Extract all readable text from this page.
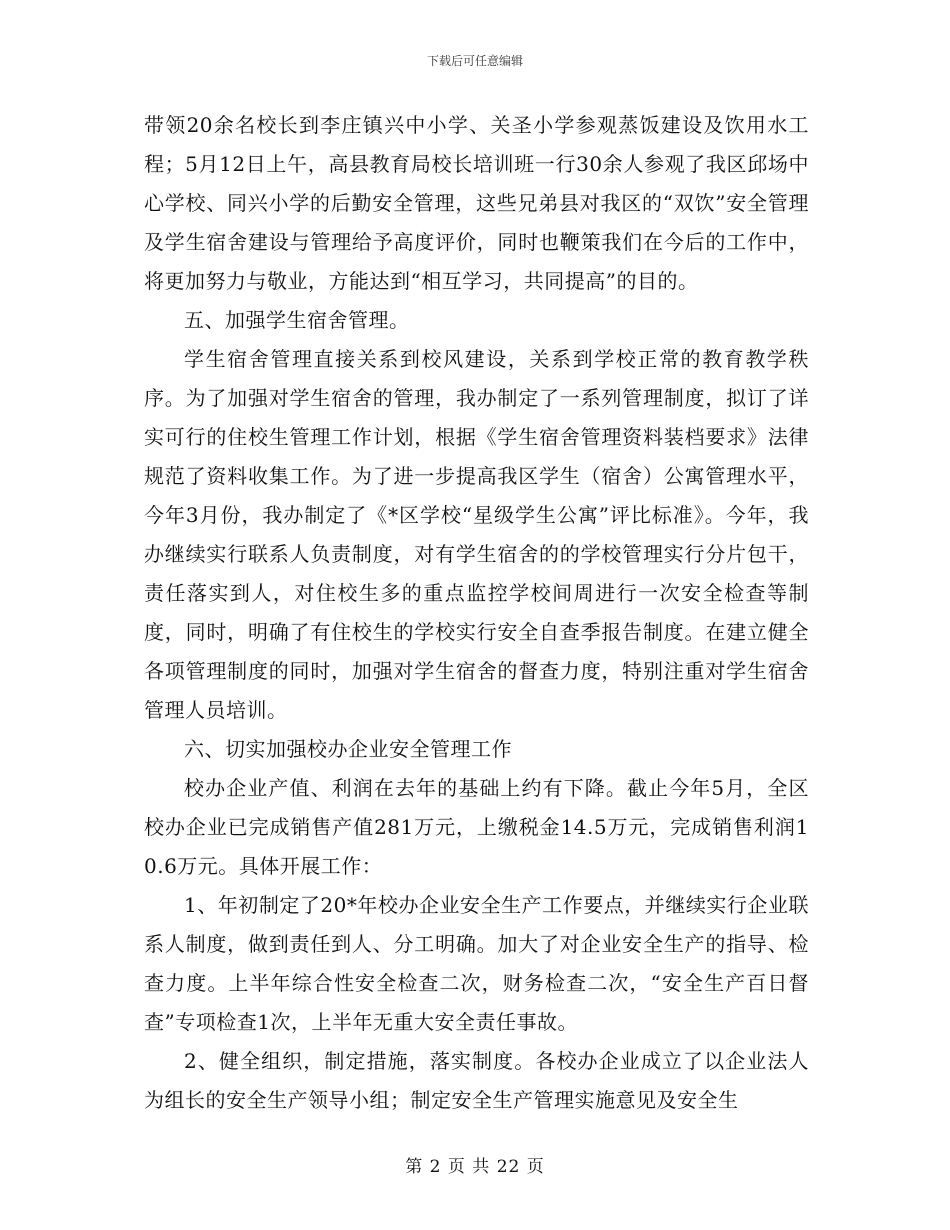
下载后可任意编辑

带领20余名校长到李庄镇兴中小学、关圣小学参观蒸饭建设及饮用水工程；5月12日上午，高县教育局校长培训班一行30余人参观了我区邱场中心学校、同兴小学的后勤安全管理，这些兄弟县对我区的“双饮”安全管理及学生宿舍建设与管理给予高度评价，同时也鞭策我们在今后的工作中，将更加努力与敬业，方能达到“相互学习，共同提高”的目的。

五、加强学生宿舍管理。

学生宿舍管理直接关系到校风建设，关系到学校正常的教育教学秩序。为了加强对学生宿舍的管理，我办制定了一系列管理制度，拟订了详实可行的住校生管理工作计划，根据《学生宿舍管理资料装档要求》法律规范了资料收集工作。为了进一步提高我区学生（宿舍）公寓管理水平，今年3月份，我办制定了《*区学校“星级学生公寓”评比标准》。今年，我办继续实行联系人负责制度，对有学生宿舍的的学校管理实行分片包干，责任落实到人，对住校生多的重点监控学校间周进行一次安全检查等制度，同时，明确了有住校生的学校实行安全自查季报告制度。在建立健全各项管理制度的同时，加强对学生宿舍的督查力度，特别注重对学生宿舍管理人员培训。

六、切实加强校办企业安全管理工作

校办企业产值、利润在去年的基础上约有下降。截止今年5月，全区校办企业已完成销售产值281万元，上缴税金14.5万元，完成销售利润10.6万元。具体开展工作：

1、年初制定了20*年校办企业安全生产工作要点，并继续实行企业联系人制度，做到责任到人、分工明确。加大了对企业安全生产的指导、检查力度。上半年综合性安全检查二次，财务检查二次，“安全生产百日督查”专项检查1次，上半年无重大安全责任事故。

2、健全组织，制定措施，落实制度。各校办企业成立了以企业法人为组长的安全生产领导小组；制定安全生产管理实施意见及安全生

第 2 页 共 22 页
